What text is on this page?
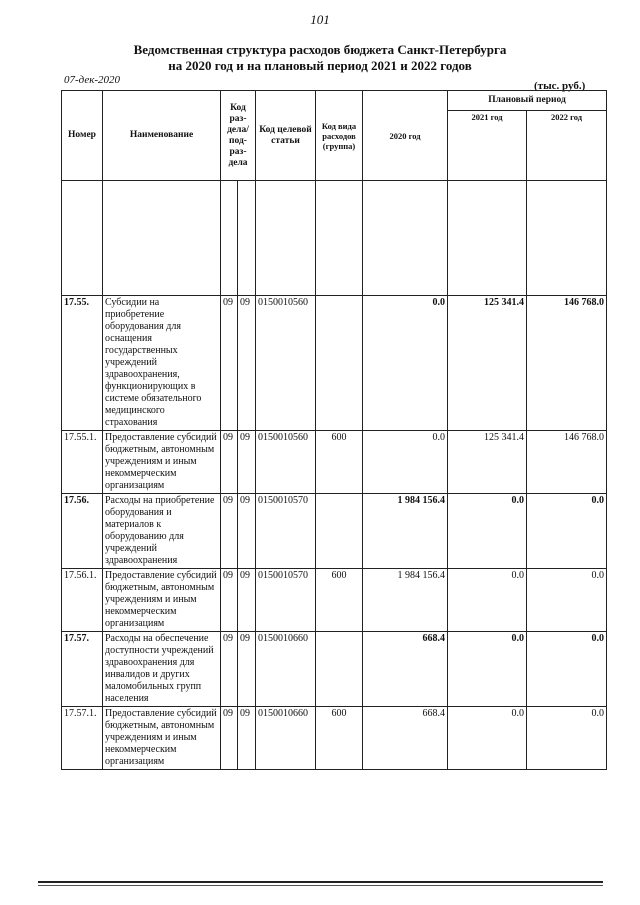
101
Ведомственная структура расходов бюджета Санкт-Петербурга
на 2020 год и на плановый период 2021 и 2022 годов
07-дек-2020	(тыс. руб.)
Номер	Наименование	Код раз- дела/ под- раз- дела		Код целевой статьи	Код вида расходов (группа)	2020 год	Плановый период	
							2021 год	2022 год

17.55.	Субсидии на приобретение оборудования для оснащения государственных учреждений здравоохранения, функционирующих в системе обязательного медицинского страхования	09	09	0150010560		0.0	125 341.4	146 768.0
17.55.1.	Предоставление субсидий бюджетным, автономным учреждениям и иным некоммерческим организациям	09	09	0150010560	600	0.0	125 341.4	146 768.0
17.56.	Расходы на приобретение оборудования и материалов к оборудованию для учреждений здравоохранения	09	09	0150010570		1 984 156.4	0.0	0.0
17.56.1.	Предоставление субсидий бюджетным, автономным учреждениям и иным некоммерческим организациям	09	09	0150010570	600	1 984 156.4	0.0	0.0
17.57.	Расходы на обеспечение доступности учреждений здравоохранения для инвалидов и других маломобильных групп населения	09	09	0150010660		668.4	0.0	0.0
17.57.1.	Предоставление субсидий бюджетным, автономным учреждениям и иным некоммерческим организациям	09	09	0150010660	600	668.4	0.0	0.0
